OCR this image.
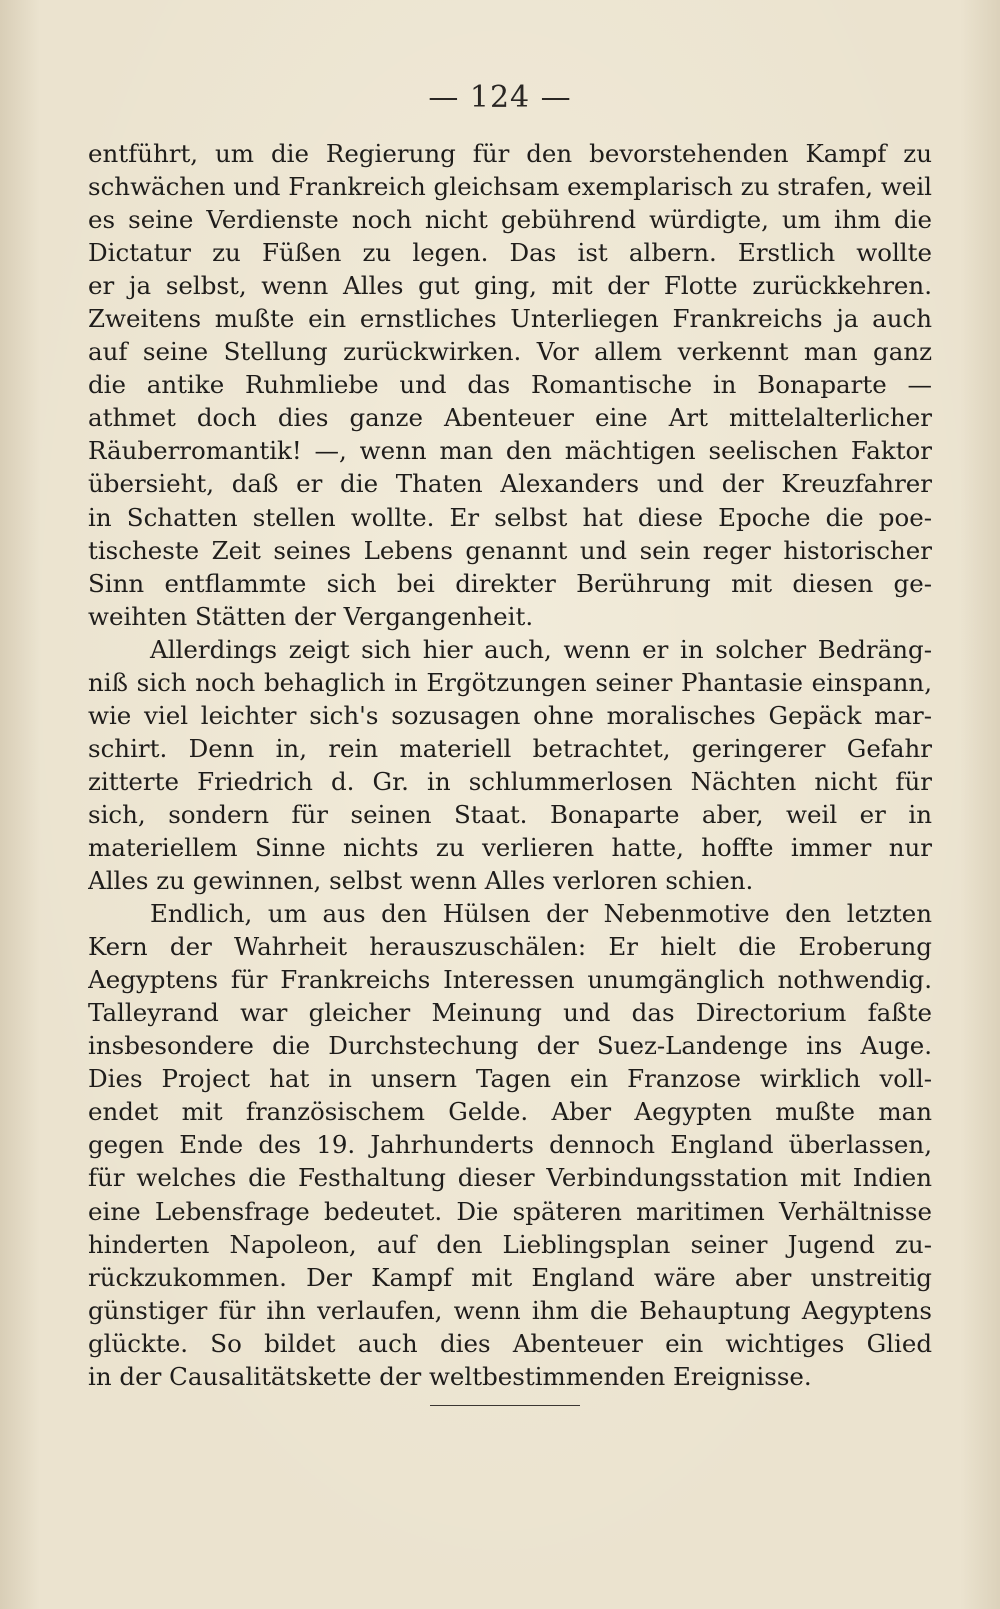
— 124 —
entführt, um die Regierung für den bevorstehenden Kampf zu
schwächen und Frankreich gleichsam exemplarisch zu strafen, weil
es seine Verdienste noch nicht gebührend würdigte, um ihm die
Dictatur zu Füßen zu legen. Das ist albern. Erstlich wollte
er ja selbst, wenn Alles gut ging, mit der Flotte zurückkehren.
Zweitens mußte ein ernstliches Unterliegen Frankreichs ja auch
auf seine Stellung zurückwirken. Vor allem verkennt man ganz
die antike Ruhmliebe und das Romantische in Bonaparte —
athmet doch dies ganze Abenteuer eine Art mittelalterlicher
Räuberromantik! —, wenn man den mächtigen seelischen Faktor
übersieht, daß er die Thaten Alexanders und der Kreuzfahrer
in Schatten stellen wollte. Er selbst hat diese Epoche die poe-
tischeste Zeit seines Lebens genannt und sein reger historischer
Sinn entflammte sich bei direkter Berührung mit diesen ge-
weihten Stätten der Vergangenheit.
Allerdings zeigt sich hier auch, wenn er in solcher Bedräng-
niß sich noch behaglich in Ergötzungen seiner Phantasie einspann,
wie viel leichter sich's sozusagen ohne moralisches Gepäck mar-
schirt. Denn in, rein materiell betrachtet, geringerer Gefahr
zitterte Friedrich d. Gr. in schlummerlosen Nächten nicht für
sich, sondern für seinen Staat. Bonaparte aber, weil er in
materiellem Sinne nichts zu verlieren hatte, hoffte immer nur
Alles zu gewinnen, selbst wenn Alles verloren schien.
Endlich, um aus den Hülsen der Nebenmotive den letzten
Kern der Wahrheit herauszuschälen: Er hielt die Eroberung
Aegyptens für Frankreichs Interessen unumgänglich nothwendig.
Talleyrand war gleicher Meinung und das Directorium faßte
insbesondere die Durchstechung der Suez-Landenge ins Auge.
Dies Project hat in unsern Tagen ein Franzose wirklich voll-
endet mit französischem Gelde. Aber Aegypten mußte man
gegen Ende des 19. Jahrhunderts dennoch England überlassen,
für welches die Festhaltung dieser Verbindungsstation mit Indien
eine Lebensfrage bedeutet. Die späteren maritimen Verhältnisse
hinderten Napoleon, auf den Lieblingsplan seiner Jugend zu-
rückzukommen. Der Kampf mit England wäre aber unstreitig
günstiger für ihn verlaufen, wenn ihm die Behauptung Aegyptens
glückte. So bildet auch dies Abenteuer ein wichtiges Glied
in der Causalitätskette der weltbestimmenden Ereignisse.
